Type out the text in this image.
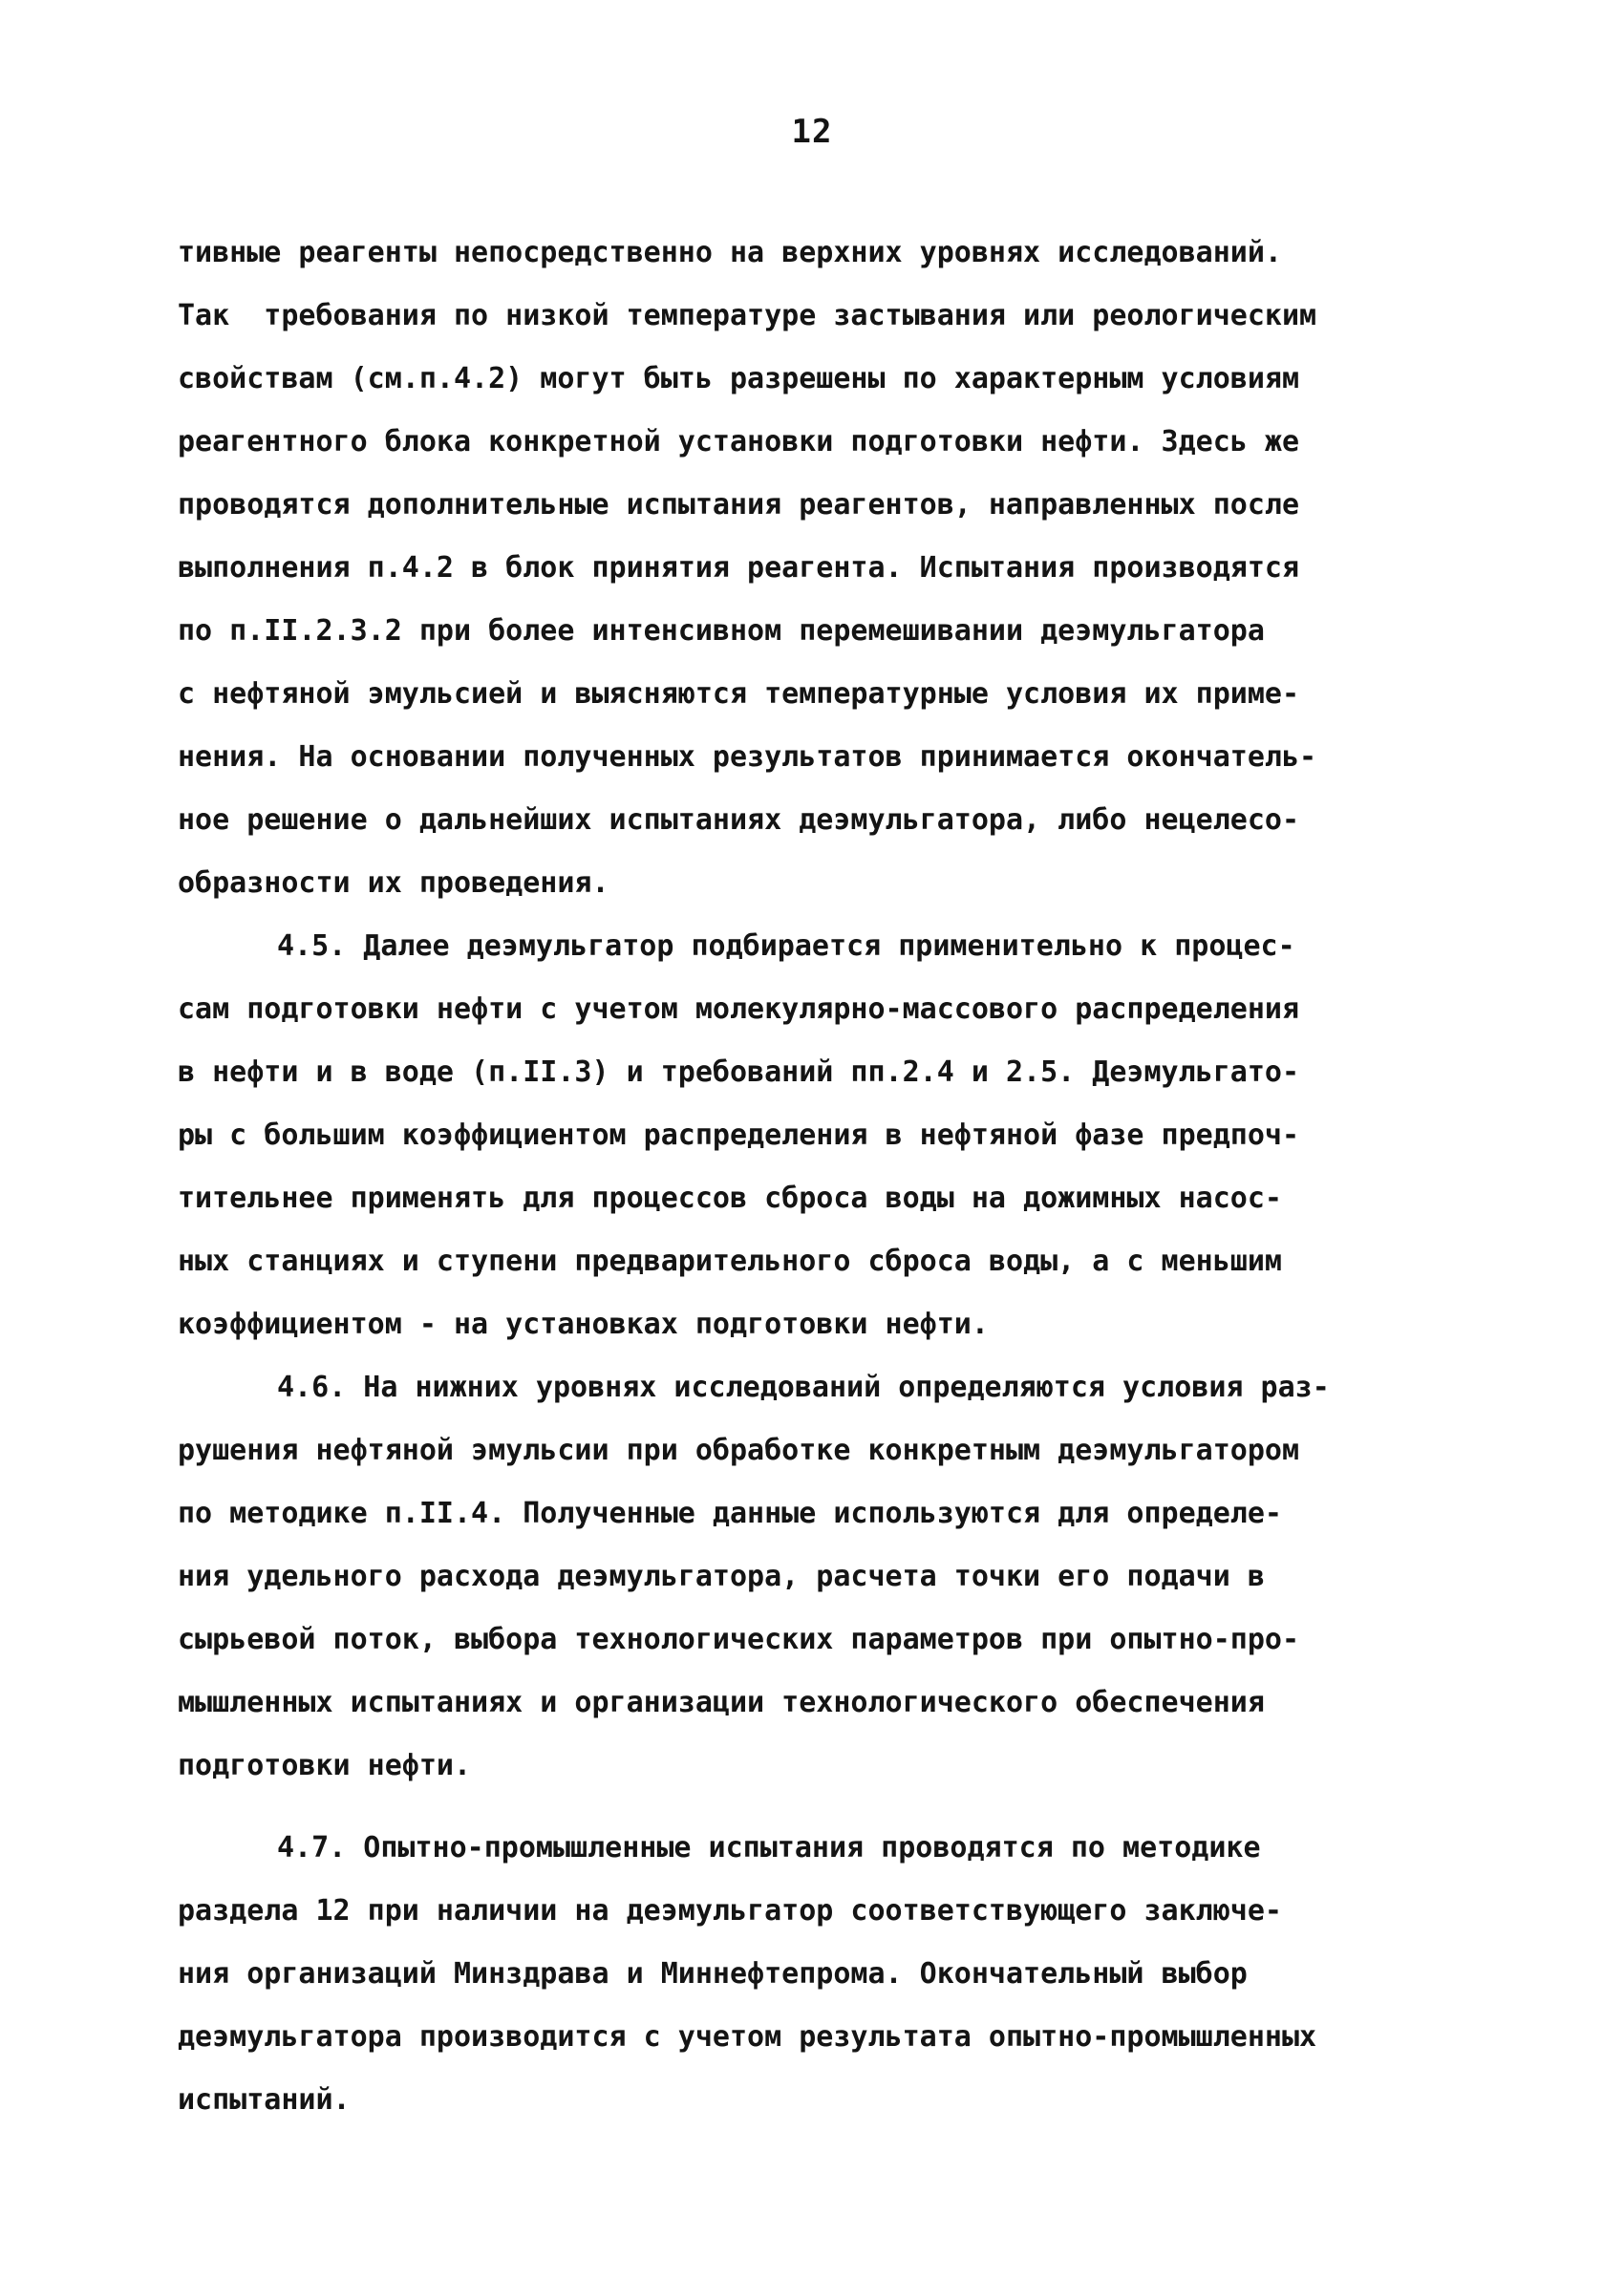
12
тивные реагенты непосредственно на верхних уровнях исследований.
Так  требования по низкой температуре застывания или реологическим
свойствам (см.п.4.2) могут быть разрешены по характерным условиям
реагентного блока конкретной установки подготовки нефти. Здесь же
проводятся дополнительные испытания реагентов, направленных после
выполнения п.4.2 в блок принятия реагента. Испытания производятся
по п.II.2.3.2 при более интенсивном перемешивании деэмульгатора
с нефтяной эмульсией и выясняются температурные условия их приме-
нения. На основании полученных результатов принимается окончатель-
ное решение о дальнейших испытаниях деэмульгатора, либо нецелесо-
образности их проведения.
4.5. Далее деэмульгатор подбирается применительно к процес-
сам подготовки нефти с учетом молекулярно-массового распределения
в нефти и в воде (п.II.3) и требований пп.2.4 и 2.5. Деэмульгато-
ры с большим коэффициентом распределения в нефтяной фазе предпоч-
тительнее применять для процессов сброса воды на дожимных насос-
ных станциях и ступени предварительного сброса воды, а с меньшим
коэффициентом - на установках подготовки нефти.
4.6. На нижних уровнях исследований определяются условия раз-
рушения нефтяной эмульсии при обработке конкретным деэмульгатором
по методике п.II.4. Полученные данные используются для определе-
ния удельного расхода деэмульгатора, расчета точки его подачи в
сырьевой поток, выбора технологических параметров при опытно-про-
мышленных испытаниях и организации технологического обеспечения
подготовки нефти.
4.7. Опытно-промышленные испытания проводятся по методике
раздела 12 при наличии на деэмульгатор соответствующего заключе-
ния организаций Минздрава и Миннефтепрома. Окончательный выбор
деэмульгатора производится с учетом результата опытно-промышленных
испытаний.
